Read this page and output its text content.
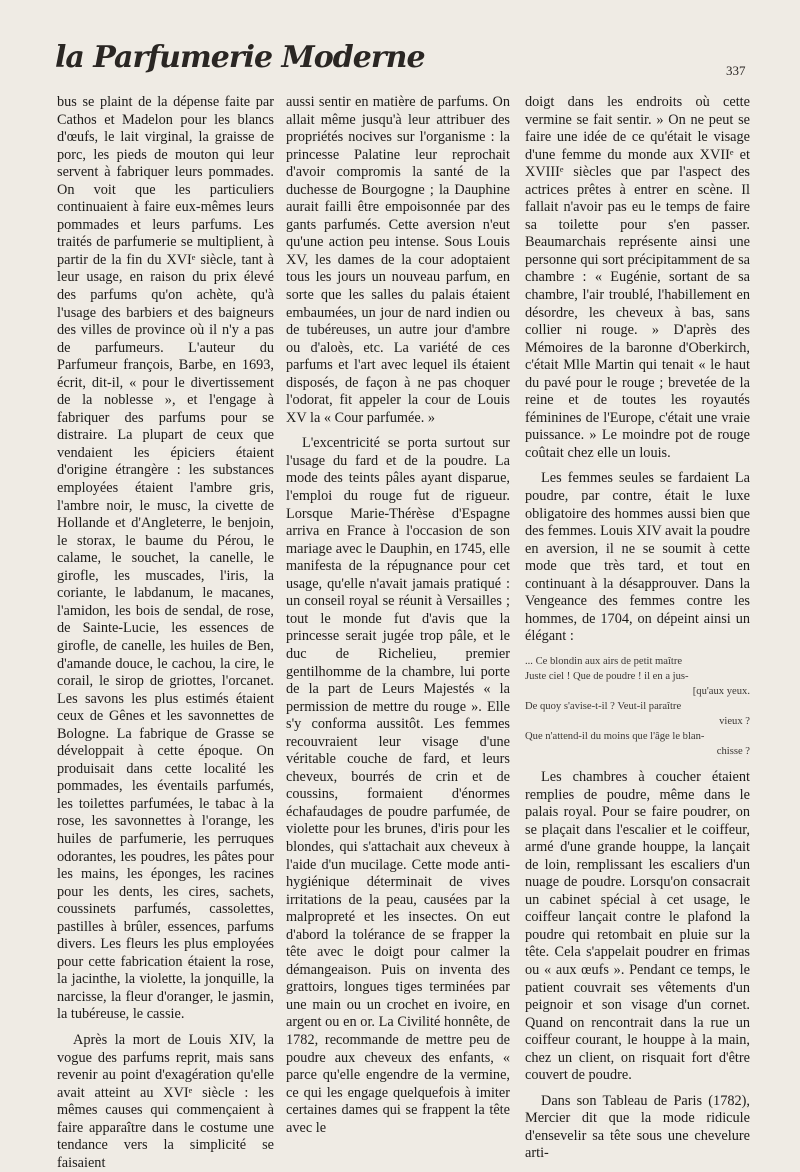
la Parfumerie Moderne	337

bus se plaint de la dépense faite par Cathos et Madelon pour les blancs d'œufs, le lait virginal, la graisse de porc, les pieds de mouton qui leur servent à fabriquer leurs pommades. On voit que les particuliers continuaient à faire eux-mêmes leurs pommades et leurs parfums. Les traités de parfumerie se multiplient, à partir de la fin du XVIᵉ siècle, tant à leur usage, en raison du prix élevé des parfums qu'on achète, qu'à l'usage des barbiers et des baigneurs des villes de province où il n'y a pas de parfumeurs. L'auteur du Parfumeur françois, Barbe, en 1693, écrit, dit-il, « pour le divertissement de la noblesse », et l'engage à fabriquer des parfums pour se distraire. La plupart de ceux que vendaient les épiciers étaient d'origine étrangère : les substances employées étaient l'ambre gris, l'ambre noir, le musc, la civette de Hollande et d'Angleterre, le benjoin, le storax, le baume du Pérou, le calame, le souchet, la canelle, le girofle, les muscades, l'iris, la coriante, le labdanum, le macanes, l'amidon, les bois de sendal, de rose, de Sainte-Lucie, les essences de girofle, de canelle, les huiles de Ben, d'amande douce, le cachou, la cire, le corail, le sirop de griottes, l'orcanet. Les savons les plus estimés étaient ceux de Gênes et les savonnettes de Bologne. La fabrique de Grasse se développait à cette époque. On produisait dans cette localité les pommades, les éventails parfumés, les toilettes parfumées, le tabac à la rose, les savonnettes à l'orange, les huiles de parfumerie, les perruques odorantes, les poudres, les pâtes pour les mains, les éponges, les racines pour les dents, les cires, sachets, coussinets parfumés, cassolettes, pastilles à brûler, essences, parfums divers. Les fleurs les plus employées pour cette fabrication étaient la rose, la jacinthe, la violette, la jonquille, la narcisse, la fleur d'oranger, le jasmin, la tubéreuse, le cassie.

Après la mort de Louis XIV, la vogue des parfums reprit, mais sans revenir au point d'exagération qu'elle avait atteint au XVIᵉ siècle : les mêmes causes qui commençaient à faire apparaître dans le costume une tendance vers la simplicité se faisaient

aussi sentir en matière de parfums. On allait même jusqu'à leur attribuer des propriétés nocives sur l'organisme : la princesse Palatine leur reprochait d'avoir compromis la santé de la duchesse de Bourgogne ; la Dauphine aurait failli être empoisonnée par des gants parfumés. Cette aversion n'eut qu'une action peu intense. Sous Louis XV, les dames de la cour adoptaient tous les jours un nouveau parfum, en sorte que les salles du palais étaient embaumées, un jour de nard indien ou de tubéreuses, un autre jour d'ambre ou d'aloès, etc. La variété de ces parfums et l'art avec lequel ils étaient disposés, de façon à ne pas choquer l'odorat, fit appeler la cour de Louis XV la « Cour parfumée. »

L'excentricité se porta surtout sur l'usage du fard et de la poudre. La mode des teints pâles ayant disparue, l'emploi du rouge fut de rigueur. Lorsque Marie-Thérèse d'Espagne arriva en France à l'occasion de son mariage avec le Dauphin, en 1745, elle manifesta de la répugnance pour cet usage, qu'elle n'avait jamais pratiqué : un conseil royal se réunit à Versailles ; tout le monde fut d'avis que la princesse serait jugée trop pâle, et le duc de Richelieu, premier gentilhomme de la chambre, lui porte de la part de Leurs Majestés « la permission de mettre du rouge ». Elle s'y conforma aussitôt. Les femmes recouvraient leur visage d'une véritable couche de fard, et leurs cheveux, bourrés de crin et de coussins, formaient d'énormes échafaudages de poudre parfumée, de violette pour les brunes, d'iris pour les blondes, qui s'attachait aux cheveux à l'aide d'un mucilage. Cette mode anti-hygiénique déterminait de vives irritations de la peau, causées par la malpropreté et les insectes. On eut d'abord la tolérance de se frapper la tête avec le doigt pour calmer la démangeaison. Puis on inventa des grattoirs, longues tiges terminées par une main ou un crochet en ivoire, en argent ou en or. La Civilité honnête, de 1782, recommande de mettre peu de poudre aux cheveux des enfants, « parce qu'elle engendre de la vermine, ce qui les engage quelquefois à imiter certaines dames qui se frappent la tête avec le

doigt dans les endroits où cette vermine se fait sentir. » On ne peut se faire une idée de ce qu'était le visage d'une femme du monde aux XVIIᵉ et XVIIIᵉ siècles que par l'aspect des actrices prêtes à entrer en scène. Il fallait n'avoir pas eu le temps de faire sa toilette pour s'en passer. Beaumarchais représente ainsi une personne qui sort précipitamment de sa chambre : « Eugénie, sortant de sa chambre, l'air troublé, l'habillement en désordre, les cheveux à bas, sans collier ni rouge. » D'après des Mémoires de la baronne d'Oberkirch, c'était Mlle Martin qui tenait « le haut du pavé pour le rouge ; brevetée de la reine et de toutes les royautés féminines de l'Europe, c'était une vraie puissance. » Le moindre pot de rouge coûtait chez elle un louis.

Les femmes seules se fardaient La poudre, par contre, était le luxe obligatoire des hommes aussi bien que des femmes. Louis XIV avait la poudre en aversion, il ne se soumit à cette mode que très tard, et tout en continuant à la désapprouver. Dans la Vengeance des femmes contre les hommes, de 1704, on dépeint ainsi un élégant :

... Ce blondin aux airs de petit maître
Juste ciel ! Que de poudre ! il en a jus-
[qu'aux yeux.
De quoy s'avise-t-il ? Veut-il paraître
vieux ?
Que n'attend-il du moins que l'âge le blan-
chisse ?

Les chambres à coucher étaient remplies de poudre, même dans le palais royal. Pour se faire poudrer, on se plaçait dans l'escalier et le coiffeur, armé d'une grande houppe, la lançait de loin, remplissant les escaliers d'un nuage de poudre. Lorsqu'on consacrait un cabinet spécial à cet usage, le coiffeur lançait contre le plafond la poudre qui retombait en pluie sur la tête. Cela s'appelait poudrer en frimas ou « aux œufs ». Pendant ce temps, le patient couvrait ses vêtements d'un peignoir et son visage d'un cornet. Quand on rencontrait dans la rue un coiffeur courant, le houppe à la main, chez un client, on risquait fort d'être couvert de poudre.

Dans son Tableau de Paris (1782), Mercier dit que la mode ridicule d'ensevelir sa tête sous une chevelure arti-
